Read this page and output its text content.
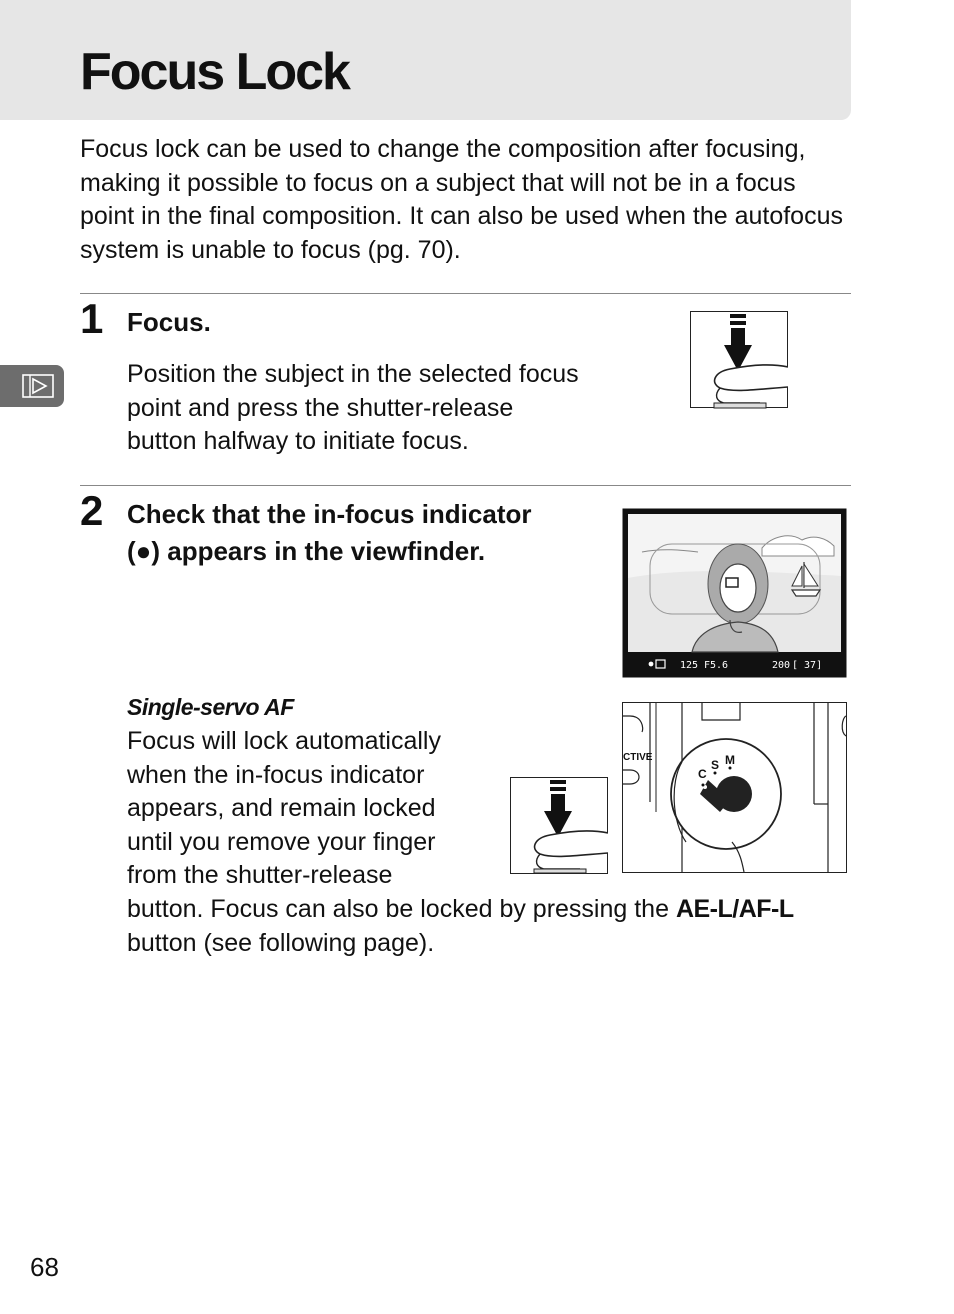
Focus Lock

Focus lock can be used to change the composition after focusing, making it possible to focus on a subject that will not be in a focus point in the final composition. It can also be used when the autofocus system is unable to focus (pg. 70).

1 Focus.
Position the subject in the selected focus
point and press the shutter-release
button halfway to initiate focus.
2 Check that the in-focus indicator
(●) appears in the viewfinder.
125 F5.6	200 [ 37]
Single-servo AF
Focus will lock automatically
when the in-focus indicator
appears, and remain locked
until you remove your finger
from the shutter-release
button. Focus can also be locked by pressing the AE-L/AF-L
button (see following page).
CTIVE
C
S M
68
